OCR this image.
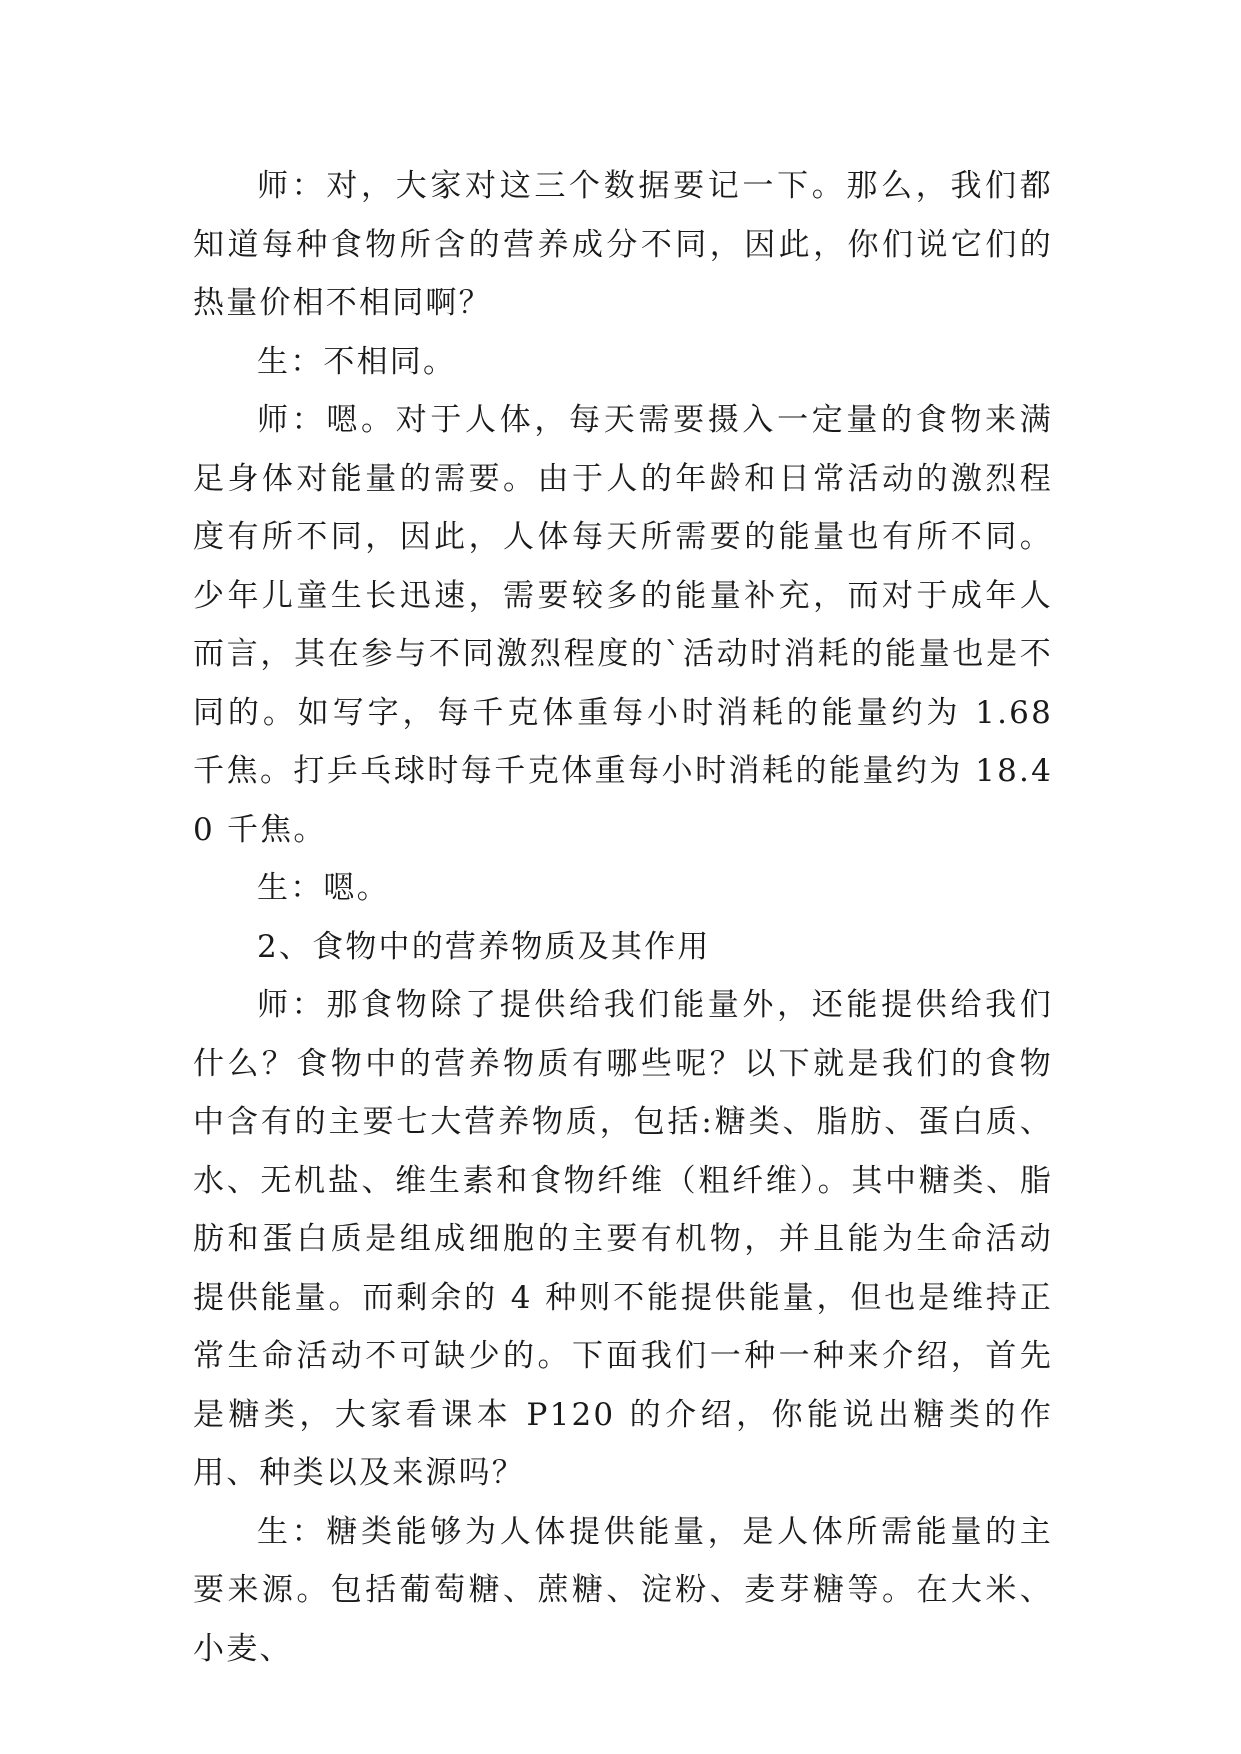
师：对，大家对这三个数据要记一下。那么，我们都知道每种食物所含的营养成分不同，因此，你们说它们的热量价相不相同啊？

生：不相同。

师：嗯。对于人体，每天需要摄入一定量的食物来满足身体对能量的需要。由于人的年龄和日常活动的激烈程度有所不同，因此，人体每天所需要的能量也有所不同。少年儿童生长迅速，需要较多的能量补充，而对于成年人而言，其在参与不同激烈程度的`活动时消耗的能量也是不同的。如写字，每千克体重每小时消耗的能量约为 1.68 千焦。打乒乓球时每千克体重每小时消耗的能量约为 18.40 千焦。

生：嗯。

2、食物中的营养物质及其作用

师：那食物除了提供给我们能量外，还能提供给我们什么？食物中的营养物质有哪些呢？以下就是我们的食物中含有的主要七大营养物质，包括:糖类、脂肪、蛋白质、水、无机盐、维生素和食物纤维（粗纤维）。其中糖类、脂肪和蛋白质是组成细胞的主要有机物，并且能为生命活动提供能量。而剩余的 4 种则不能提供能量，但也是维持正常生命活动不可缺少的。下面我们一种一种来介绍，首先是糖类，大家看课本 P120 的介绍，你能说出糖类的作用、种类以及来源吗？

生：糖类能够为人体提供能量，是人体所需能量的主要来源。包括葡萄糖、蔗糖、淀粉、麦芽糖等。在大米、小麦、
